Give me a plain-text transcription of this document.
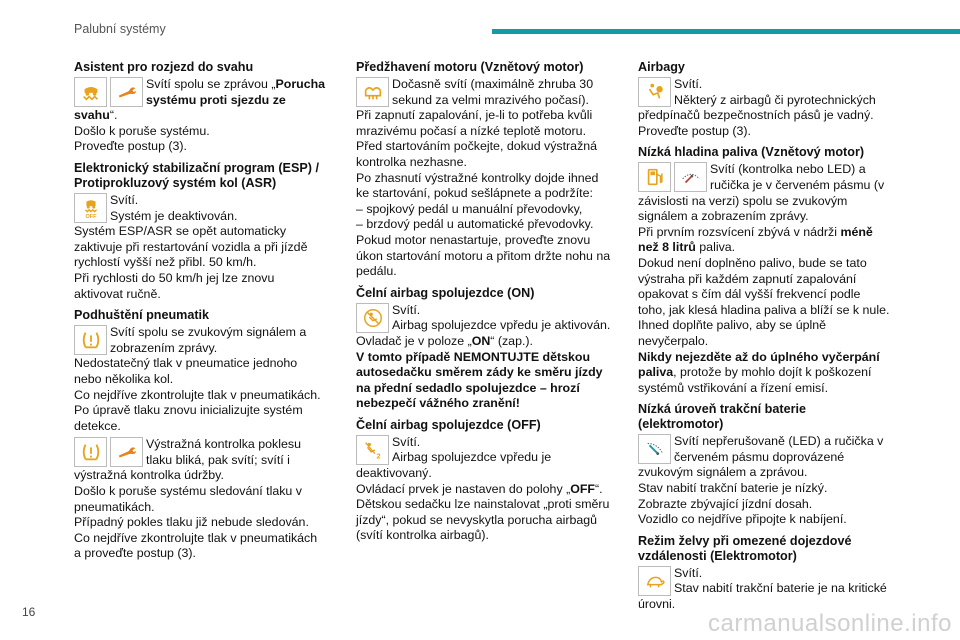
Palubní systémy
Asistent pro rozjezd do svahu

Svítí spolu se zprávou „Porucha systému proti sjezdu ze svahu“.

Došlo k poruše systému.

Proveďte postup (3).

Elektronický stabilizační program (ESP) / Protiprokluzový systém kol (ASR)
OFF

Svítí.

Systém je deaktivován.

Systém ESP/ASR se opět automaticky zaktivuje při restartování vozidla a při jízdě rychlostí vyšší než přibl. 50 km/h.

Při rychlosti do 50 km/h jej lze znovu aktivovat ručně.

Podhuštění pneumatik

Svítí spolu se zvukovým signálem a zobrazením zprávy.

Nedostatečný tlak v pneumatice jednoho nebo několika kol.

Co nejdříve zkontrolujte tlak v pneumatikách.

Po úpravě tlaku znovu inicializujte systém detekce.

Výstražná kontrolka poklesu tlaku bliká, pak svítí; svítí i výstražná kontrolka údržby.

Došlo k poruše systému sledování tlaku v pneumatikách.

Případný pokles tlaku již nebude sledován.

Co nejdříve zkontrolujte tlak v pneumatikách a proveďte postup (3).

Předžhavení motoru (Vznětový motor)

Dočasně svítí (maximálně zhruba 30 sekund za velmi mrazivého počasí).

Při zapnutí zapalování, je-li to potřeba kvůli mrazivému počasí a nízké teplotě motoru.

Před startováním počkejte, dokud výstražná kontrolka nezhasne.

Po zhasnutí výstražné kontrolky dojde ihned ke startování, pokud sešlápnete a podržíte:

– spojkový pedál u manuální převodovky,

– brzdový pedál u automatické převodovky.

Pokud motor nenastartuje, proveďte znovu úkon startování motoru a přitom držte nohu na pedálu.

Čelní airbag spolujezdce (ON)

Svítí.

Airbag spolujezdce vpředu je aktivován.

Ovladač je v poloze „ON“ (zap.).

V tomto případě NEMONTUJTE dětskou autosedačku směrem zády ke směru jízdy na přední sedadlo spolujezdce – hrozí nebezpečí vážného zranění!

Čelní airbag spolujezdce (OFF)
2

Svítí.

Airbag spolujezdce vpředu je deaktivovaný.

Ovládací prvek je nastaven do polohy „OFF“.

Dětskou sedačku lze nainstalovat „proti směru jízdy“, pokud se nevyskytla porucha airbagů (svítí kontrolka airbagů).

Airbagy

Svítí.

Některý z airbagů či pyrotechnických předpínačů bezpečnostních pásů je vadný.

Proveďte postup (3).

Nízká hladina paliva (Vznětový motor)

Svítí (kontrolka nebo LED) a ručička je v červeném pásmu (v závislosti na verzi) spolu se zvukovým signálem a zobrazením zprávy.

Při prvním rozsvícení zbývá v nádrži méně než 8 litrů paliva.

Dokud není doplněno palivo, bude se tato výstraha při každém zapnutí zapalování opakovat s čím dál vyšší frekvencí podle toho, jak klesá hladina paliva a blíží se k nule.

Ihned doplňte palivo, aby se úplně nevyčerpalo.

Nikdy nejezděte až do úplného vyčerpání paliva, protože by mohlo dojít k poškození systémů vstřikování a řízení emisí.

Nízká úroveň trakční baterie (elektromotor)

Svítí nepřerušovaně (LED) a ručička v červeném pásmu doprovázené zvukovým signálem a zprávou.

Stav nabití trakční baterie je nízký.

Zobrazte zbývající jízdní dosah.

Vozidlo co nejdříve připojte k nabíjení.

Režim želvy při omezené dojezdové vzdálenosti (Elektromotor)

Svítí.

Stav nabití trakční baterie je na kritické úrovni.

16	carmanualsonline.info
